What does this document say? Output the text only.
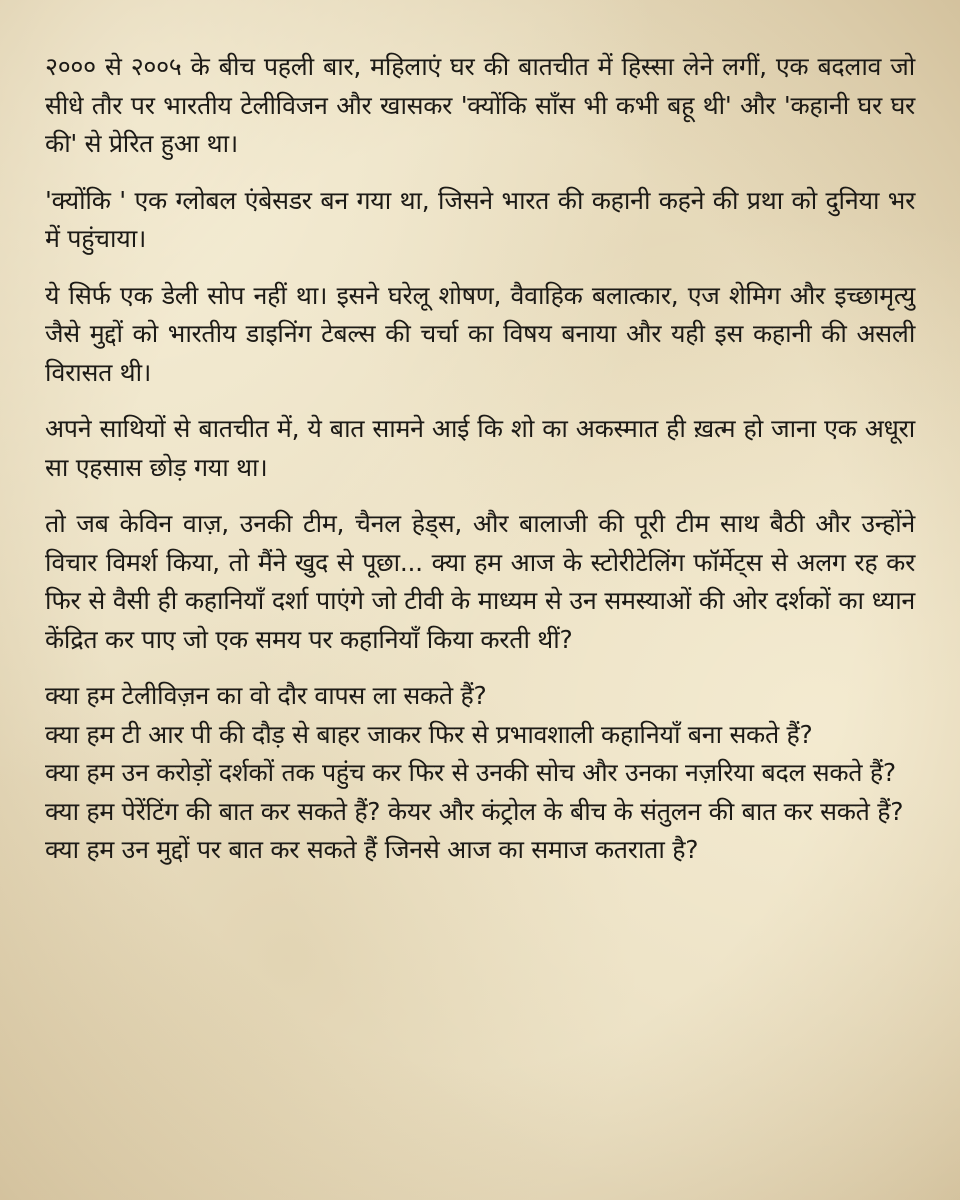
२००० से २००५ के बीच पहली बार, महिलाएं घर की बातचीत में हिस्सा लेने लगीं, एक बदलाव जो सीधे तौर पर भारतीय टेलीविजन और खासकर 'क्योंकि साँस भी कभी बहू थी' और 'कहानी घर घर की' से प्रेरित हुआ था।

'क्योंकि ' एक ग्लोबल एंबेसडर बन गया था, जिसने भारत की कहानी कहने की प्रथा को दुनिया भर में पहुंचाया।

ये सिर्फ एक डेली सोप नहीं था। इसने घरेलू शोषण, वैवाहिक बलात्कार, एज शेमिग और इच्छामृत्यु जैसे मुद्दों को भारतीय डाइनिंग टेबल्स की चर्चा का विषय बनाया और यही इस कहानी की असली विरासत थी।

अपने साथियों से बातचीत में, ये बात सामने आई कि शो का अकस्मात ही ख़त्म हो जाना एक अधूरा सा एहसास छोड़ गया था।

तो जब केविन वाज़, उनकी टीम, चैनल हेड्स, और बालाजी की पूरी टीम साथ बैठी और उन्होंने विचार विमर्श किया, तो मैंने खुद से पूछा... क्या हम आज के स्टोरीटेलिंग फॉर्मेट्स से अलग रह कर फिर से वैसी ही कहानियाँ दर्शा पाएंगे जो टीवी के माध्यम से उन समस्याओं की ओर दर्शकों का ध्यान केंद्रित कर पाए जो एक समय पर कहानियाँ किया करती थीं?

क्या हम टेलीविज़न का वो दौर वापस ला सकते हैं?
क्या हम टी आर पी की दौड़ से बाहर जाकर फिर से प्रभावशाली कहानियाँ बना सकते हैं?
क्या हम उन करोड़ों दर्शकों तक पहुंच कर फिर से उनकी सोच और उनका नज़रिया बदल सकते हैं?
क्या हम पेरेंटिंग की बात कर सकते हैं? केयर और कंट्रोल के बीच के संतुलन की बात कर सकते हैं?
क्या हम उन मुद्दों पर बात कर सकते हैं जिनसे आज का समाज कतराता है?
